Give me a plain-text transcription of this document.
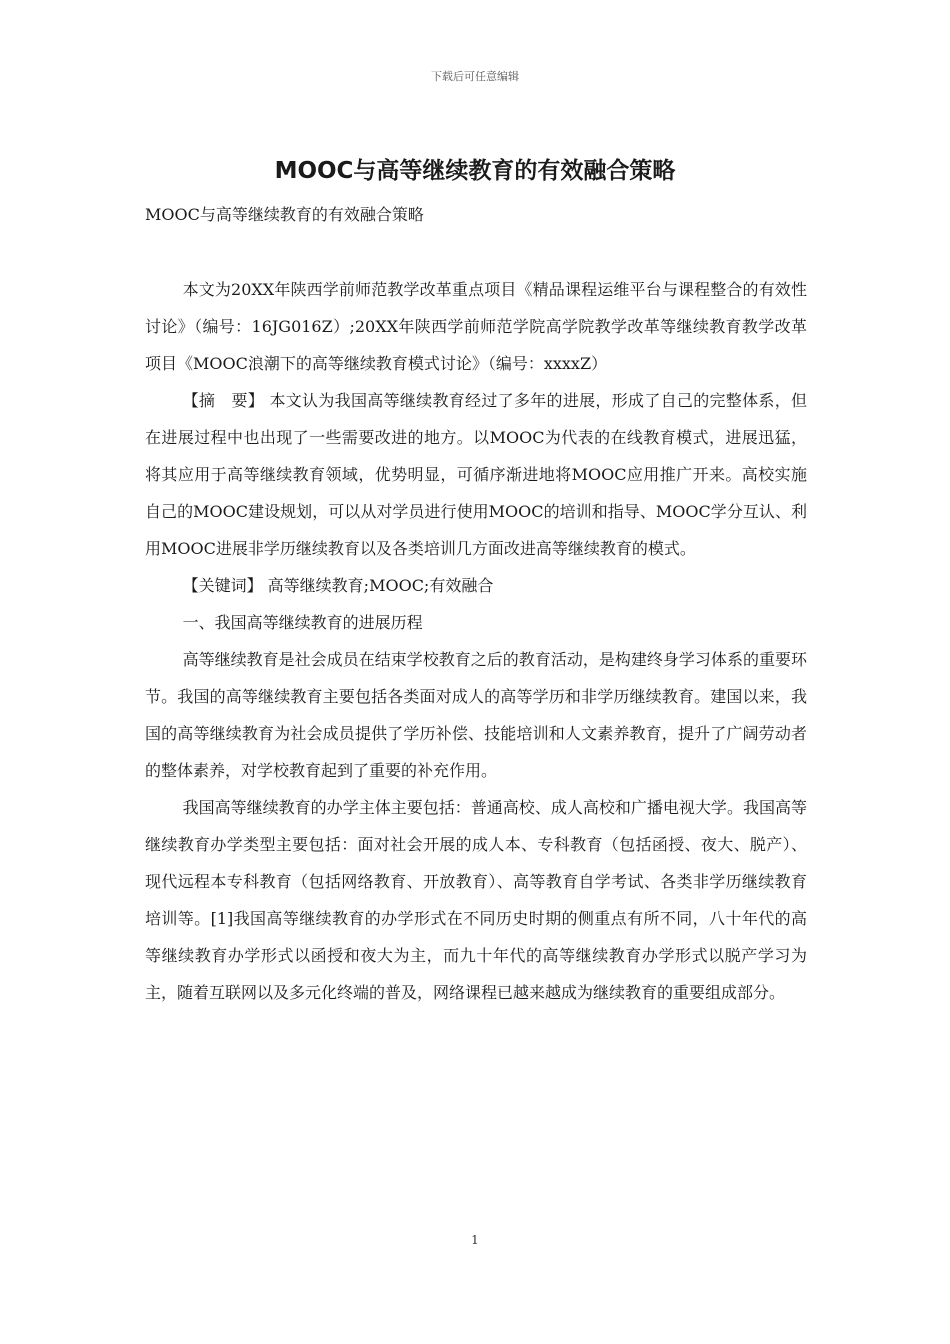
下载后可任意编辑
MOOC与高等继续教育的有效融合策略

MOOC与高等继续教育的有效融合策略

本文为20XX年陕西学前师范教学改革重点项目《精品课程运维平台与课程整合的有效性讨论》（编号：16JG016Z）;20XX年陕西学前师范学院高学院教学改革等继续教育教学改革项目《MOOC浪潮下的高等继续教育模式讨论》（编号：xxxxZ）

【摘　要】 本文认为我国高等继续教育经过了多年的进展，形成了自己的完整体系，但在进展过程中也出现了一些需要改进的地方。以MOOC为代表的在线教育模式，进展迅猛，将其应用于高等继续教育领域，优势明显，可循序渐进地将MOOC应用推广开来。高校实施自己的MOOC建设规划，可以从对学员进行使用MOOC的培训和指导、MOOC学分互认、利用MOOC进展非学历继续教育以及各类培训几方面改进高等继续教育的模式。

【关键词】 高等继续教育;MOOC;有效融合

一、我国高等继续教育的进展历程

高等继续教育是社会成员在结束学校教育之后的教育活动，是构建终身学习体系的重要环节。我国的高等继续教育主要包括各类面对成人的高等学历和非学历继续教育。建国以来，我国的高等继续教育为社会成员提供了学历补偿、技能培训和人文素养教育，提升了广阔劳动者的整体素养，对学校教育起到了重要的补充作用。

我国高等继续教育的办学主体主要包括：普通高校、成人高校和广播电视大学。我国高等继续教育办学类型主要包括：面对社会开展的成人本、专科教育（包括函授、夜大、脱产）、现代远程本专科教育（包括网络教育、开放教育）、高等教育自学考试、各类非学历继续教育培训等。[1]我国高等继续教育的办学形式在不同历史时期的侧重点有所不同，八十年代的高等继续教育办学形式以函授和夜大为主，而九十年代的高等继续教育办学形式以脱产学习为主，随着互联网以及多元化终端的普及，网络课程已越来越成为继续教育的重要组成部分。

1
